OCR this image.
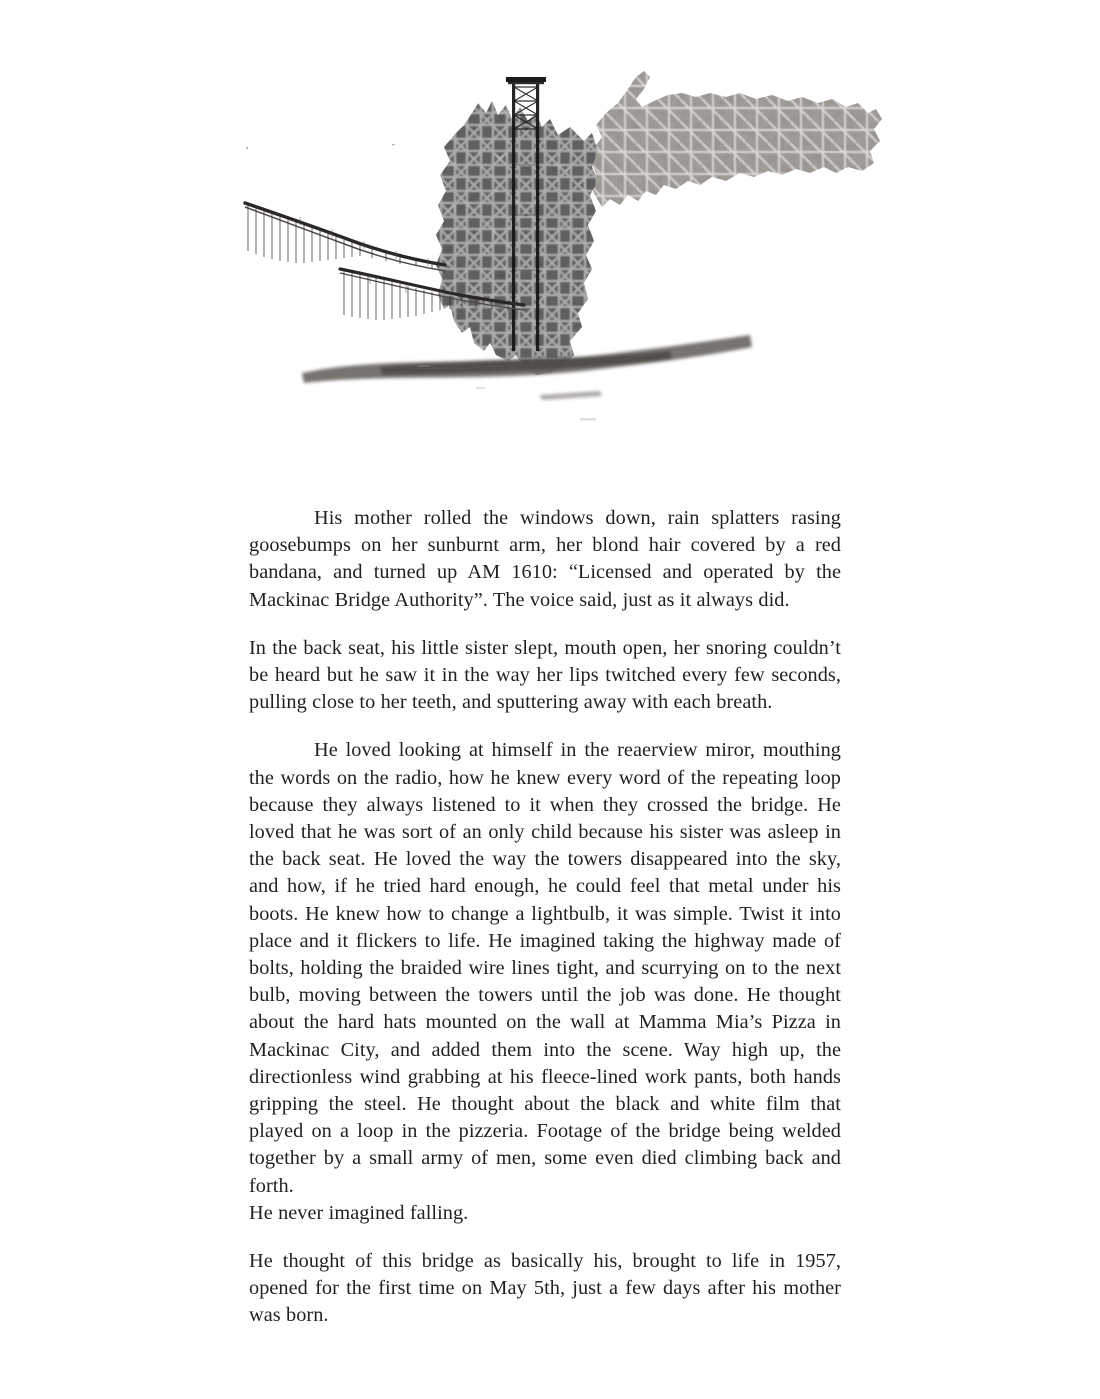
His mother rolled the windows down, rain splatters rasing goosebumps on her sunburnt arm, her blond hair covered by a red bandana, and turned up AM 1610: “Licensed and operated by the Mackinac Bridge Authority”. The voice said, just as it always did.

In the back seat, his little sister slept, mouth open, her snoring couldn’t be heard but he saw it in the way her lips twitched every few seconds, pulling close to her teeth, and sputtering away with each breath.

He loved looking at himself in the reaerview miror, mouthing the words on the radio, how he knew every word of the repeating loop because they always listened to it when they crossed the bridge. He loved that he was sort of an only child because his sister was asleep in the back seat. He loved the way the towers disappeared into the sky, and how, if he tried hard enough, he could feel that metal under his boots. He knew how to change a lightbulb, it was simple. Twist it into place and it flickers to life. He imagined taking the highway made of bolts, holding the braided wire lines tight, and scurrying on to the next bulb, moving between the towers until the job was done. He thought about the hard hats mounted on the wall at Mamma Mia’s Pizza in Mackinac City, and added them into the scene. Way high up, the directionless wind grabbing at his fleece-lined work pants, both hands gripping the steel. He thought about the black and white film that played on a loop in the pizzeria. Footage of the bridge being welded together by a small army of men, some even died climbing back and forth.

He never imagined falling.

He thought of this bridge as basically his, brought to life in 1957, opened for the first time on May 5th, just a few days after his mother was born.
